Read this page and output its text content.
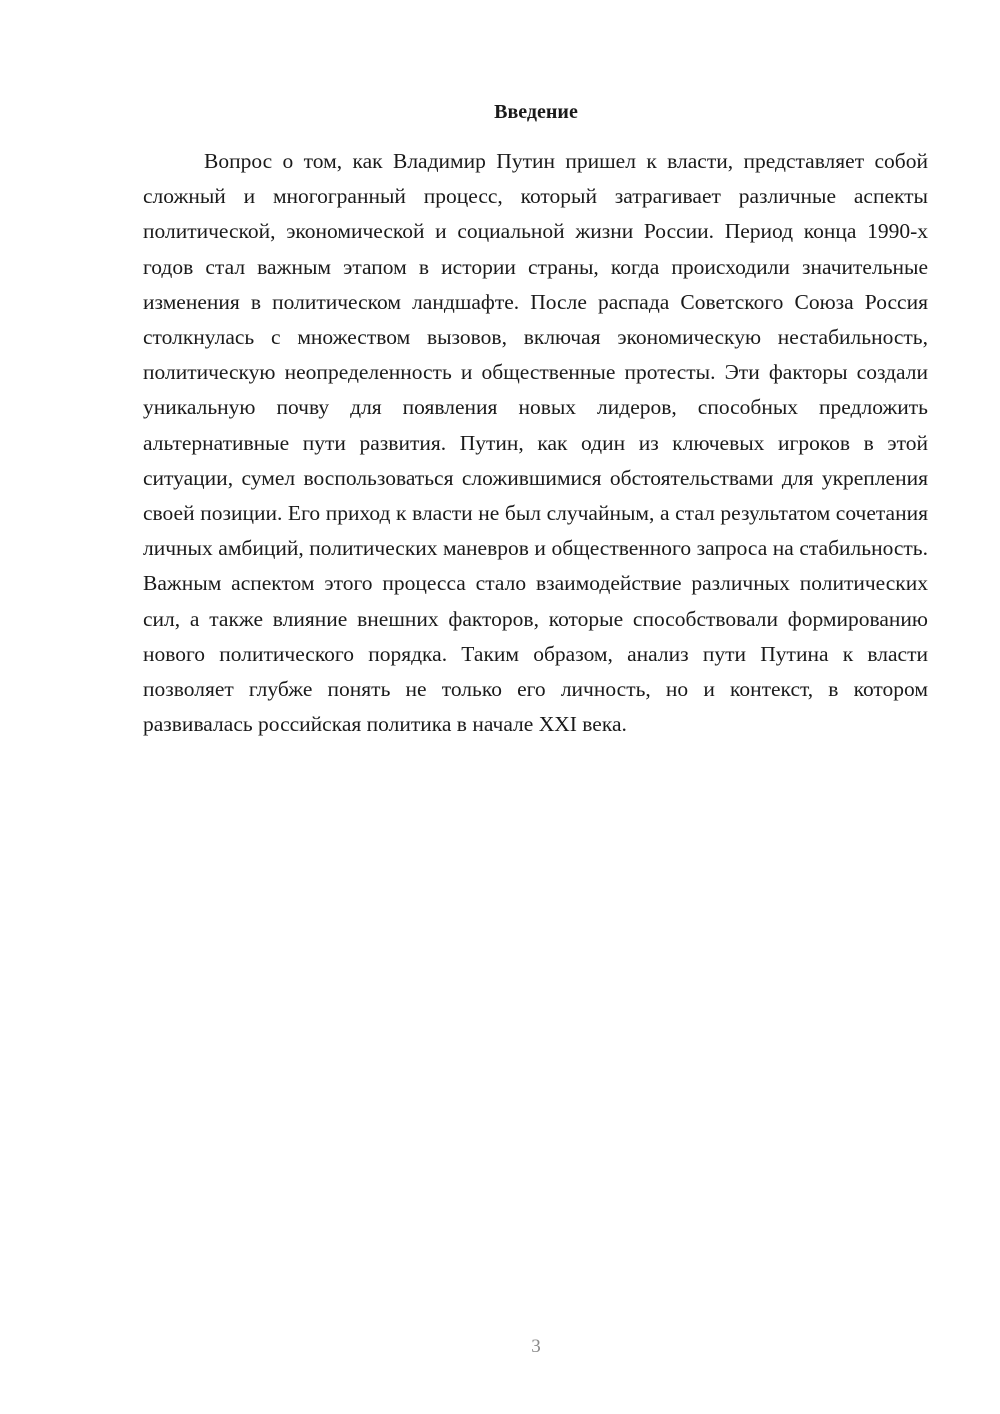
Введение

Вопрос о том, как Владимир Путин пришел к власти, представляет собой сложный и многогранный процесс, который затрагивает различные аспекты политической, экономической и социальной жизни России. Период конца 1990-х годов стал важным этапом в истории страны, когда происходили значительные изменения в политическом ландшафте. После распада Советского Союза Россия столкнулась с множеством вызовов, включая экономическую нестабильность, политическую неопределенность и общественные протесты. Эти факторы создали уникальную почву для появления новых лидеров, способных предложить альтернативные пути развития. Путин, как один из ключевых игроков в этой ситуации, сумел воспользоваться сложившимися обстоятельствами для укрепления своей позиции. Его приход к власти не был случайным, а стал результатом сочетания личных амбиций, политических маневров и общественного запроса на стабильность. Важным аспектом этого процесса стало взаимодействие различных политических сил, а также влияние внешних факторов, которые способствовали формированию нового политического порядка. Таким образом, анализ пути Путина к власти позволяет глубже понять не только его личность, но и контекст, в котором развивалась российская политика в начале XXI века.

3
